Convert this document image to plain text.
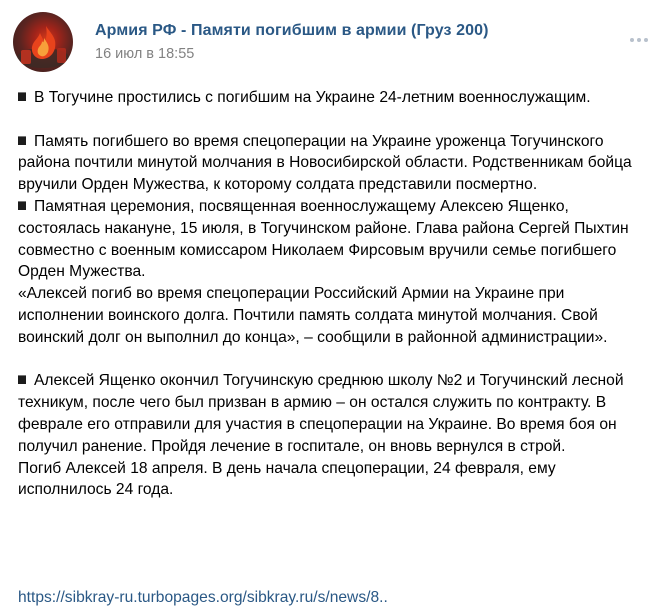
Армия РФ - Памяти погибшим в армии (Груз 200)
16 июл в 18:55

В Тогучине простились с погибшим на Украине 24-летним военнослужащим.

Память погибшего во время спецоперации на Украине уроженца Тогучинского района почтили минутой молчания в Новосибирской области. Родственникам бойца вручили Орден Мужества, к которому солдата представили посмертно.

Памятная церемония, посвященная военнослужащему Алексею Ященко, состоялась накануне, 15 июля, в Тогучинском районе. Глава района Сергей Пыхтин совместно с военным комиссаром Николаем Фирсовым вручили семье погибшего Орден Мужества.

«Алексей погиб во время спецоперации Российский Армии на Украине при исполнении воинского долга. Почтили память солдата минутой молчания. Свой воинский долг он выполнил до конца», – сообщили в районной администрации».

Алексей Ященко окончил Тогучинскую среднюю школу №2 и Тогучинский лесной техникум, после чего был призван в армию – он остался служить по контракту. В феврале его отправили для участия в спецоперации на Украине. Во время боя он получил ранение. Пройдя лечение в госпитале, он вновь вернулся в строй.

Погиб Алексей 18 апреля. В день начала спецоперации, 24 февраля, ему исполнилось 24 года.

https://sibkray-ru.turbopages.org/sibkray.ru/s/news/8..
